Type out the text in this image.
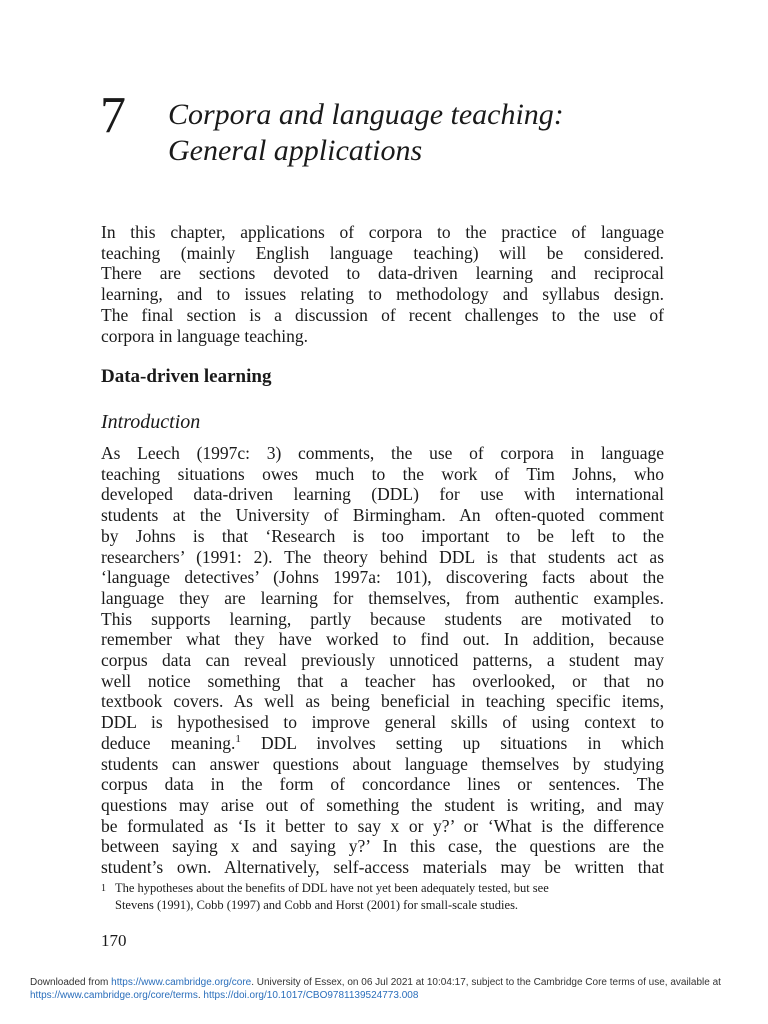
7 Corpora and language teaching:
General applications
In this chapter, applications of corpora to the practice of language
teaching (mainly English language teaching) will be considered.
There are sections devoted to data-driven learning and reciprocal
learning, and to issues relating to methodology and syllabus design.
The final section is a discussion of recent challenges to the use of
corpora in language teaching.
Data-driven learning
Introduction
As Leech (1997c: 3) comments, the use of corpora in language
teaching situations owes much to the work of Tim Johns, who
developed data-driven learning (DDL) for use with international
students at the University of Birmingham. An often-quoted comment
by Johns is that ‘Research is too important to be left to the
researchers’ (1991: 2). The theory behind DDL is that students act as
‘language detectives’ (Johns 1997a: 101), discovering facts about the
language they are learning for themselves, from authentic examples.
This supports learning, partly because students are motivated to
remember what they have worked to find out. In addition, because
corpus data can reveal previously unnoticed patterns, a student may
well notice something that a teacher has overlooked, or that no
textbook covers. As well as being beneficial in teaching specific items,
DDL is hypothesised to improve general skills of using context to
deduce meaning.$^1$ DDL involves setting up situations in which
students can answer questions about language themselves by studying
corpus data in the form of concordance lines or sentences. The
questions may arise out of something the student is writing, and may
be formulated as ‘Is it better to say x or y?’ or ‘What is the difference
between saying x and saying y?’ In this case, the questions are the
student’s own. Alternatively, self-access materials may be written that
1 The hypotheses about the benefits of DDL have not yet been adequately tested, but see
Stevens (1991), Cobb (1997) and Cobb and Horst (2001) for small-scale studies.
170
Downloaded from https://www.cambridge.org/core. University of Essex, on 06 Jul 2021 at 10:04:17, subject to the Cambridge Core terms of use, available at https://www.cambridge.org/core/terms. https://doi.org/10.1017/CBO9781139524773.008
